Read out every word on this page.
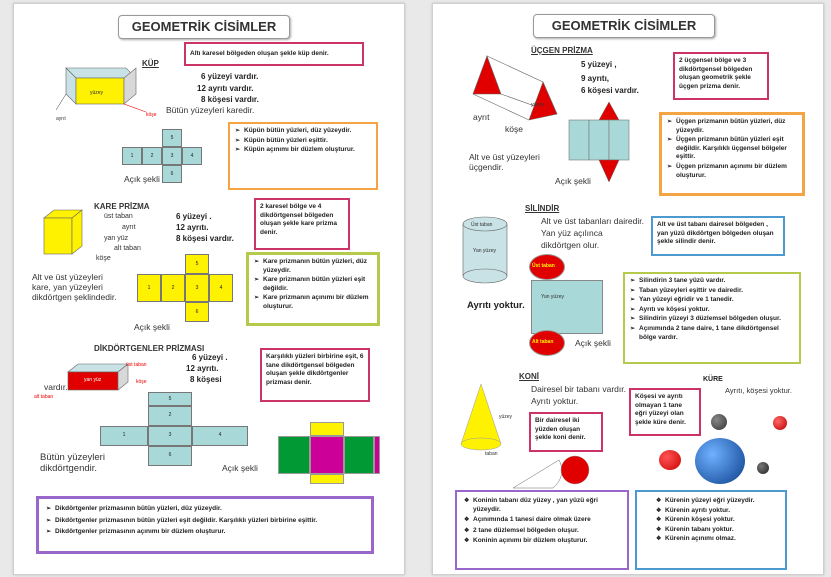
GEOMETRİK CİSİMLER
Altı kareseI bölgeden oluşan şekle küp denir.
KÜP
6 yüzeyi vardır.
12 ayrıtı vardır.
8 köşesi vardır.
Bütün yüzeyleri karedir.
yüzey
köşe
ayrıt
5
1	2	3	4
6
Açık şekli
➢ Küpün bütün yüzleri, düz yüzeydir.
➢ Küpün bütün yüzleri eşittir.
➢ Küpün açınımı bir düzlem oluşturur.
KARE PRİZMA
üst taban
ayrıt
yan yüz
alt taban
köşe
6 yüzeyi .
12 ayrıtı.
8 köşesi vardır.
2 kareseI bölge ve 4 dikdörtgenseI bölgeden oluşan şekle kare prizma denir.
Alt ve üst yüzeyleri
kare, yan yüzeyleri
dikdörtgen şeklindedir.
5
1	2	3	4
6
Açık şekli
➢ Kare prizmanın bütün yüzleri, düz yüzeydir.
➢ Kare prizmanın bütün yüzleri eşit değildir.
➢ Kare prizmanın açınımı bir düzlem oluşturur.
DİKDÖRTGENLER PRİZMASI
6 yüzeyi .
12 ayrıtı.
8 köşesi
üst taban
yan yüz
alt taban
köşe
vardır.
Karşılıklı yüzleri birbirine eşit, 6 tane dikdörtgensel bölgeden oluşan şekle dikdörtgenler prizması denir.
5
2
1	3	4
6
Bütün yüzeyleri
dikdörtgendir.	Açık şekli
➢ Dikdörtgenler prizmasının bütün yüzleri, düz yüzeydir.
➢ Dikdörtgenler prizmasının bütün yüzleri eşit değildir. Karşılıklı yüzleri birbirine eşittir.
➢ Dikdörtgenler prizmasının açınımı bir düzlem oluşturur.
GEOMETRİK CİSİMLER
ÜÇGEN PRİZMA
5 yüzeyi ,
9 ayrıtı,
6 köşesi vardır.
ayrıt
köşe
yüzey
2 üçgensel bölge ve 3 dikdörtgensel bölgeden oluşan geometrik şekle üçgen prizma denir.
Alt ve üst yüzeyleri
üçgendir.
Açık şekli
➢ Üçgen prizmanın bütün yüzleri, düz yüzeydir.
➢ Üçgen prizmanın bütün yüzleri eşit değildir. Karşılıklı üçgensel bölgeler eşittir.
➢ Üçgen prizmanın açınımı bir düzlem oluşturur.
SİLİNDİR
Üst taban
Yan yüzey
Alt ve üst tabanları dairedir.
Yan yüz açılınca
dikdörtgen olur.
Alt ve üst tabanı dairesel bölgeden , yan yüzü dikdörtgen bölgeden oluşan şekle silindir denir.
Üst taban
Yan yüzey
Alt taban
Ayrıtı yoktur.
Açık şekli
➢ Silindirin 3 tane yüzü vardır.
➢ Taban yüzeyleri eşittir ve dairedir.
➢ Yan yüzeyi eğridir ve 1 tanedir.
➢ Ayrıtı ve köşesi yoktur.
➢ Silindirin yüzeyi 3 düzlemsel bölgeden oluşur.
➢ Açınımında 2 tane daire, 1 tane dikdörtgensel bölge vardır.
KONİ
Dairesel bir tabanı vardır.
Ayrıtı yoktur.
yüzey
taban
Bir dairesel iki yüzden oluşan şekle koni denir.
Köşesi ve ayrıtı olmayan 1 tane eğri yüzeyi olan şekle küre denir.
KÜRE
Ayrıtı, köşesi yoktur.
❖ Koninin tabanı düz yüzey , yan yüzü eğri yüzeydir.
❖ Açınımında 1 tanesi daire olmak üzere
❖ 2 tane düzlemsel bölgeden oluşur.
❖ Koninin açınımı bir düzlem oluşturur.
❖ Kürenin yüzeyi eğri yüzeydir.
❖ Kürenin ayrıtı yoktur.
❖ Kürenin köşesi yoktur.
❖ Kürenin tabanı yoktur.
❖ Kürenin açınımı olmaz.
